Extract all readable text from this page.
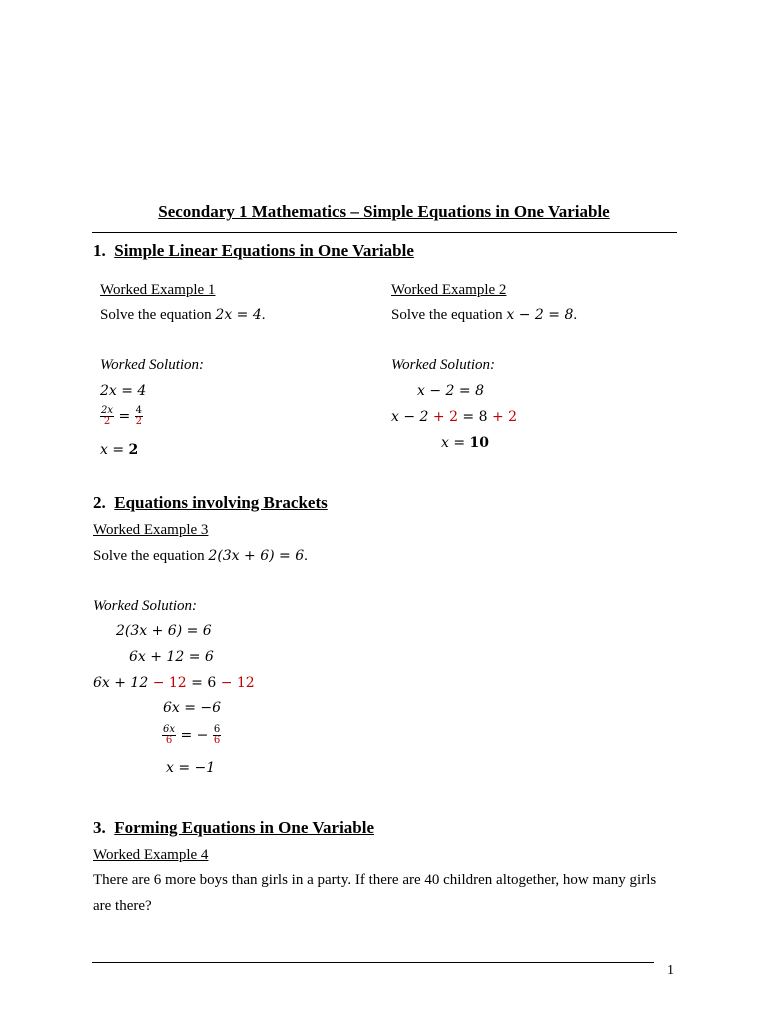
Secondary 1 Mathematics – Simple Equations in One Variable
1. Simple Linear Equations in One Variable
Worked Example 1
Solve the equation 2x = 4.
Worked Solution:
2x = 4
$\frac{2x}{2} = \frac{4}{2}$
x = 2
Worked Example 2
Solve the equation x − 2 = 8.
Worked Solution:
x − 2 = 8
x − 2 + 2 = 8 + 2
x = 10
2. Equations involving Brackets
Worked Example 3
Solve the equation 2(3x + 6) = 6.
Worked Solution:
2(3x + 6) = 6
6x + 12 = 6
6x + 12 − 12 = 6 − 12
6x = −6
$\frac{6x}{6}$ = − $\frac{6}{6}$
x = −1
3. Forming Equations in One Variable
Worked Example 4
There are 6 more boys than girls in a party. If there are 40 children altogether, how many girls
are there?
1
